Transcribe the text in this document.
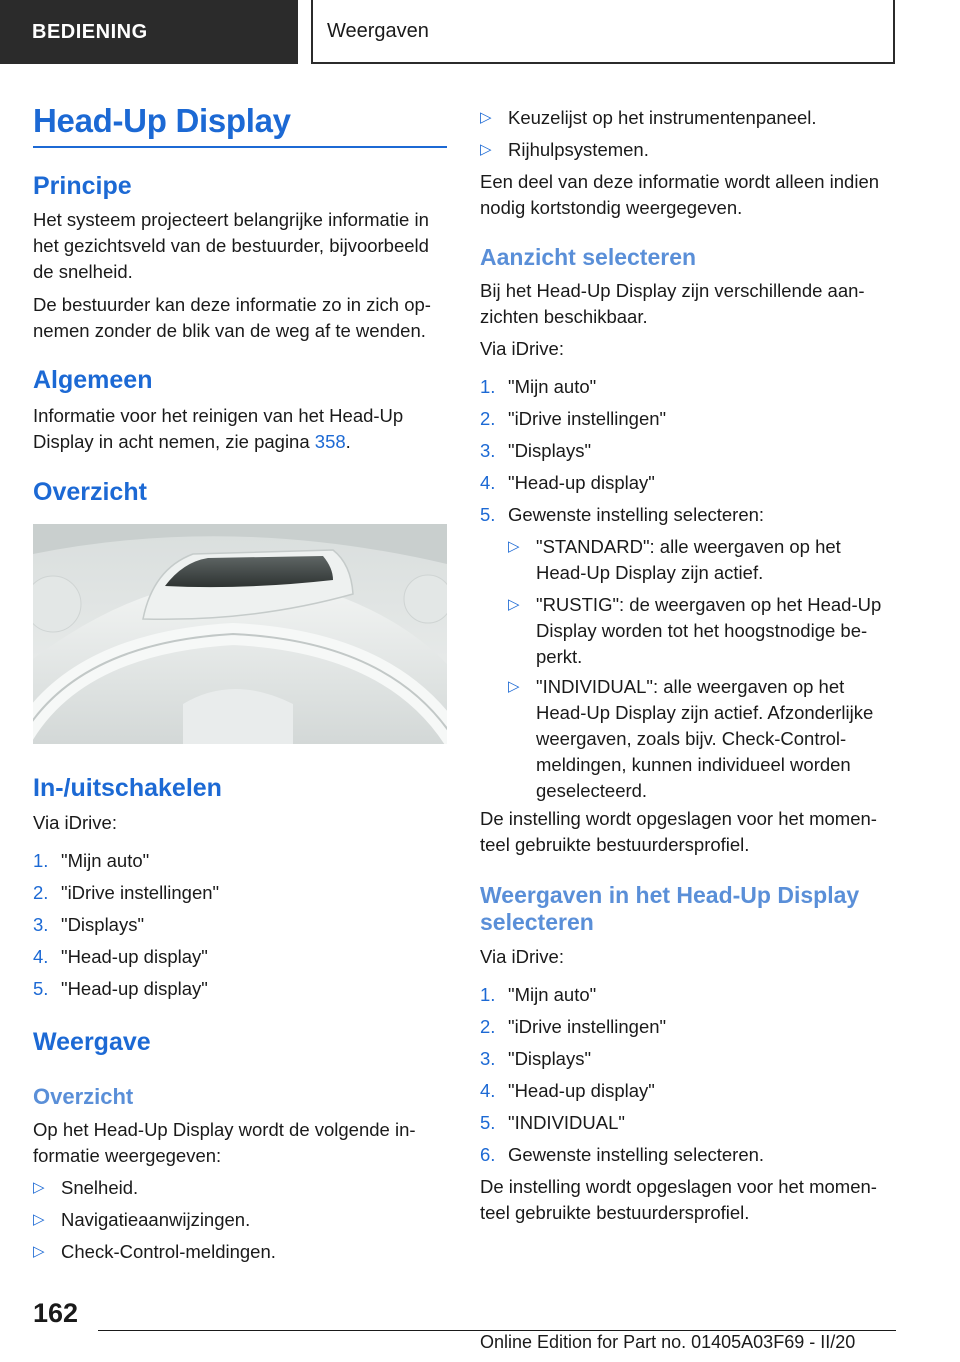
BEDIENING	Weergaven
Head-Up Display
Principe
Het systeem projecteert belangrijke informatie in
het gezichtsveld van de bestuurder, bijvoorbeeld
de snelheid.
De bestuurder kan deze informatie zo in zich op-
nemen zonder de blik van de weg af te wenden.
Algemeen
Informatie voor het reinigen van het Head-Up
Display in acht nemen, zie pagina 358.
Overzicht
In-/uitschakelen
Via iDrive:
1. "Mijn auto"
2. "iDrive instellingen"
3. "Displays"
4. "Head-up display"
5. "Head-up display"
Weergave
Overzicht
Op het Head-Up Display wordt de volgende in-
formatie weergegeven:
▷ Snelheid.
▷ Navigatieaanwijzingen.
▷ Check-Control-meldingen.
▷ Keuzelijst op het instrumentenpaneel.
▷ Rijhulpsystemen.
Een deel van deze informatie wordt alleen indien
nodig kortstondig weergegeven.
Aanzicht selecteren
Bij het Head-Up Display zijn verschillende aan-
zichten beschikbaar.
Via iDrive:
1. "Mijn auto"
2. "iDrive instellingen"
3. "Displays"
4. "Head-up display"
5. Gewenste instelling selecteren:
▷ "STANDARD": alle weergaven op het
Head-Up Display zijn actief.
▷ "RUSTIG": de weergaven op het Head-Up
Display worden tot het hoogstnodige be-
perkt.
▷ "INDIVIDUAL": alle weergaven op het
Head-Up Display zijn actief. Afzonderlijke
weergaven, zoals bijv. Check-Control-
meldingen, kunnen individueel worden
geselecteerd.
De instelling wordt opgeslagen voor het momen-
teel gebruikte bestuurdersprofiel.
Weergaven in het Head-Up Display
selecteren
Via iDrive:
1. "Mijn auto"
2. "iDrive instellingen"
3. "Displays"
4. "Head-up display"
5. "INDIVIDUAL"
6. Gewenste instelling selecteren.
De instelling wordt opgeslagen voor het momen-
teel gebruikte bestuurdersprofiel.
162
Online Edition for Part no. 01405A03F69 - II/20
